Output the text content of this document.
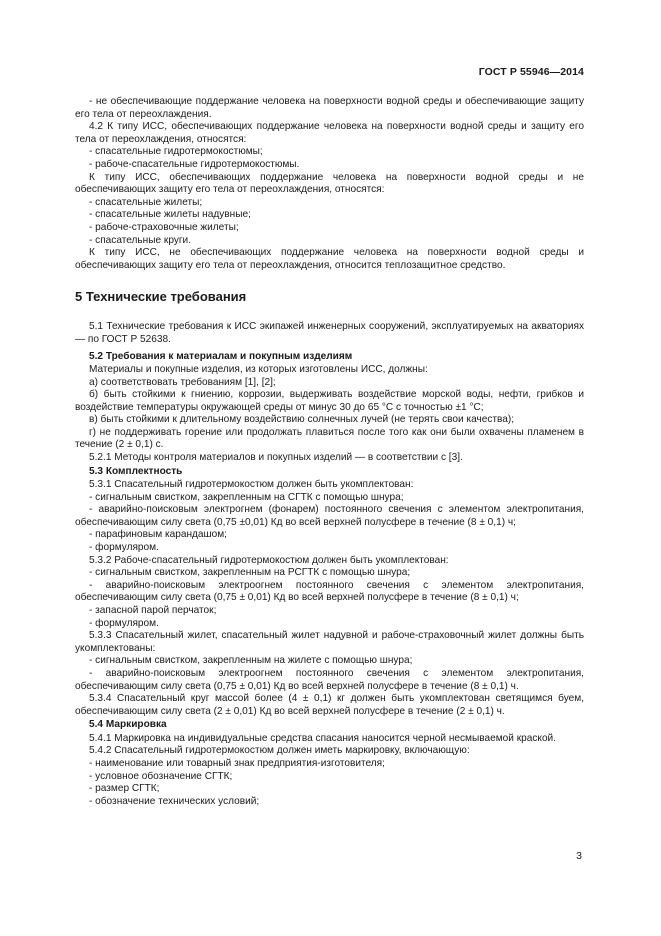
ГОСТ Р 55946—2014

- не обеспечивающие поддержание человека на поверхности водной среды и обеспечивающие защиту его тела от переохлаждения.

4.2 К типу ИСС, обеспечивающих поддержание человека на поверхности водной среды и защиту его тела от переохлаждения, относятся:

- спасательные гидротермокостюмы;

- рабоче-спасательные гидротермокостюмы.

К типу ИСС, обеспечивающих поддержание человека на поверхности водной среды и не обеспечивающих защиту его тела от переохлаждения, относятся:

- спасательные жилеты;

- спасательные жилеты надувные;

- рабоче-страховочные жилеты;

- спасательные круги.

К типу ИСС, не обеспечивающих поддержание человека на поверхности водной среды и обеспечивающих защиту его тела от переохлаждения, относится теплозащитное средство.

5 Технические требования

5.1 Технические требования к ИСС экипажей инженерных сооружений, эксплуатируемых на акваториях — по ГОСТ Р 52638.

5.2 Требования к материалам и покупным изделиям

Материалы и покупные изделия, из которых изготовлены ИСС, должны:

а) соответствовать требованиям [1], [2];

б) быть стойкими к гниению, коррозии, выдерживать воздействие морской воды, нефти, грибков и воздействие температуры окружающей среды от минус 30 до 65 °С с точностью ±1 °С;

в) быть стойкими к длительному воздействию солнечных лучей (не терять свои качества);

г) не поддерживать горение или продолжать плавиться после того как они были охвачены пламенем в течение (2 ± 0,1) с.

5.2.1 Методы контроля материалов и покупных изделий — в соответствии с [3].

5.3 Комплектность

5.3.1 Спасательный гидротермокостюм должен быть укомплектован:

- сигнальным свистком, закрепленным на СГТК с помощью шнура;

- аварийно-поисковым электрогнем (фонарем) постоянного свечения с элементом электропитания, обеспечивающим силу света (0,75 ±0,01) Кд во всей верхней полусфере в течение (8 ± 0,1) ч;

- парафиновым карандашом;

- формуляром.

5.3.2 Рабоче-спасательный гидротермокостюм должен быть укомплектован:

- сигнальным свистком, закрепленным на РСГТК с помощью шнура;

- аварийно-поисковым электроогнем постоянного свечения с элементом электропитания, обеспечивающим силу света (0,75 ± 0,01) Кд во всей верхней полусфере в течение (8 ± 0,1) ч;

- запасной парой перчаток;

- формуляром.

5.3.3 Спасательный жилет, спасательный жилет надувной и рабоче-страховочный жилет должны быть укомплектованы:

- сигнальным свистком, закрепленным на жилете с помощью шнура;

- аварийно-поисковым электроогнем постоянного свечения с элементом электропитания, обеспечивающим силу света (0,75 ± 0,01) Кд во всей верхней полусфере в течение (8 ± 0,1) ч.

5.3.4 Спасательный круг массой более (4 ± 0,1) кг должен быть укомплектован светящимся буем, обеспечивающим силу света (2 ± 0,01) Кд во всей верхней полусфере в течение (2 ± 0,1) ч.

5.4 Маркировка

5.4.1 Маркировка на индивидуальные средства спасания наносится черной несмываемой краской.

5.4.2 Спасательный гидротермокостюм должен иметь маркировку, включающую:

- наименование или товарный знак предприятия-изготовителя;

- условное обозначение СГТК;

- размер СГТК;

- обозначение технических условий;

3
